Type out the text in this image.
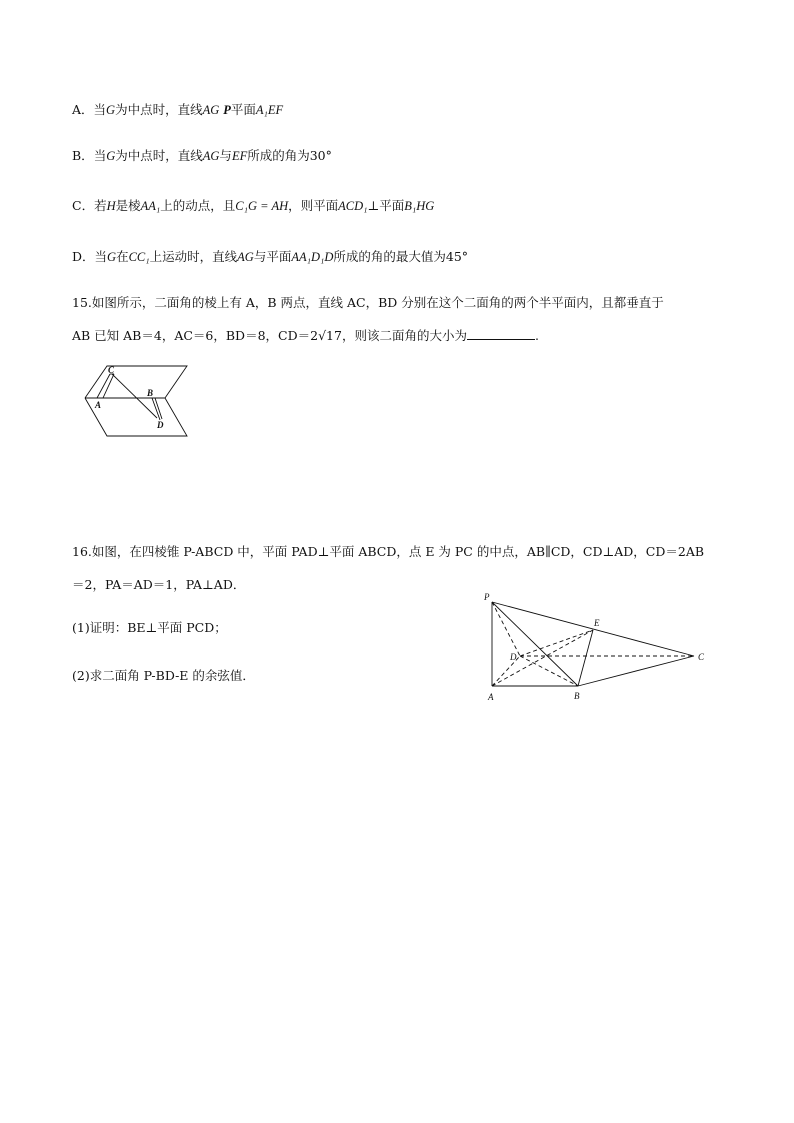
A．当G为中点时，直线AG P平面A₁EF
B．当G为中点时，直线AG与EF所成的角为30°
C．若H是棱AA₁上的动点，且C₁G = AH，则平面ACD₁⊥平面B₁HG
D．当G在CC₁上运动时，直线AG与平面AA₁D₁D所成的角的最大值为45°
15.如图所示，二面角的棱上有 A，B 两点，直线 AC，BD 分别在这个二面角的两个半平面内，且都垂直于
AB 已知 AB＝4，AC＝6，BD＝8，CD＝2√17，则该二面角的大小为	.
C
A
B
D
16.如图，在四棱锥 P-ABCD 中，平面 PAD⊥平面 ABCD，点 E 为 PC 的中点，AB∥CD，CD⊥AD，CD＝2AB
＝2，PA＝AD＝1，PA⊥AD．
(1)证明：BE⊥平面 PCD；
(2)求二面角 P-BD-E 的余弦值．
P
E
D	C
A	B
